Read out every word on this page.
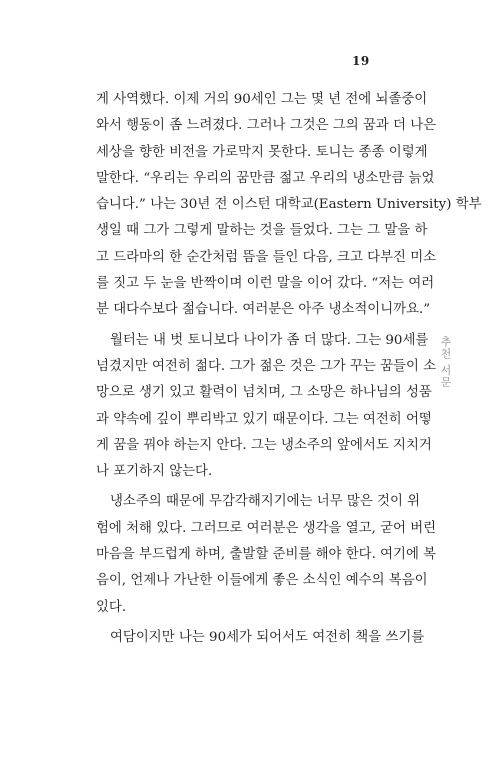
19
게 사역했다. 이제 거의 90세인 그는 몇 년 전에 뇌졸중이
와서 행동이 좀 느려졌다. 그러나 그것은 그의 꿈과 더 나은
세상을 향한 비전을 가로막지 못한다. 토니는 종종 이렇게
말한다. “우리는 우리의 꿈만큼 젊고 우리의 냉소만큼 늙었
습니다.” 나는 30년 전 이스턴 대학교(Eastern University) 학부
생일 때 그가 그렇게 말하는 것을 들었다. 그는 그 말을 하
고 드라마의 한 순간처럼 뜸을 들인 다음, 크고 다부진 미소
를 짓고 두 눈을 반짝이며 이런 말을 이어 갔다. “저는 여러
분 대다수보다 젊습니다. 여러분은 아주 냉소적이니까요.”
월터는 내 벗 토니보다 나이가 좀 더 많다. 그는 90세를
넘겼지만 여전히 젊다. 그가 젊은 것은 그가 꾸는 꿈들이 소
망으로 생기 있고 활력이 넘치며, 그 소망은 하나님의 성품
과 약속에 깊이 뿌리박고 있기 때문이다. 그는 여전히 어떻
게 꿈을 꿔야 하는지 안다. 그는 냉소주의 앞에서도 지치거
나 포기하지 않는다.
냉소주의 때문에 무감각해지기에는 너무 많은 것이 위
험에 처해 있다. 그러므로 여러분은 생각을 열고, 굳어 버린
마음을 부드럽게 하며, 출발할 준비를 해야 한다. 여기에 복
음이, 언제나 가난한 이들에게 좋은 소식인 예수의 복음이
있다.
여담이지만 나는 90세가 되어서도 여전히 책을 쓰기를
추천 서문
